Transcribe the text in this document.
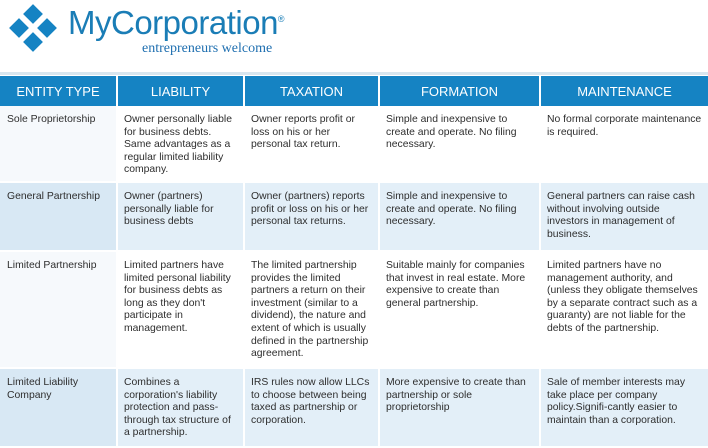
MyCorporation®
entrepreneurs welcome
ENTITY TYPE	LIABILITY	TAXATION	FORMATION	MAINTENANCE
Sole Proprietorship	Owner personally liable for business debts. Same advantages as a regular limited liability company.	Owner reports profit or loss on his or her personal tax return.	Simple and inexpensive to create and operate. No filing necessary.	No formal corporate maintenance is required.
General Partnership	Owner (partners) personally liable for business debts	Owner (partners) reports profit or loss on his or her personal tax returns.	Simple and inexpensive to create and operate. No filing necessary.	General partners can raise cash without involving outside investors in management of business.
Limited Partnership	Limited partners have limited personal liability for business debts as long as they don't participate in management.	The limited partnership provides the limited partners a return on their investment (similar to a dividend), the nature and extent of which is usually defined in the partnership agreement.	Suitable mainly for companies that invest in real estate. More expensive to create than general partnership.	Limited partners have no management authority, and (unless they obligate themselves by a separate contract such as a guaranty) are not liable for the debts of the partnership.
Limited Liability Company	Combines a corporation's liability protection and pass-through tax structure of a partnership.	IRS rules now allow LLCs to choose between being taxed as partnership or corporation.	More expensive to create than partnership or sole proprietorship	Sale of member interests may take place per company policy.Signifi-cantly easier to maintain than a corporation.
